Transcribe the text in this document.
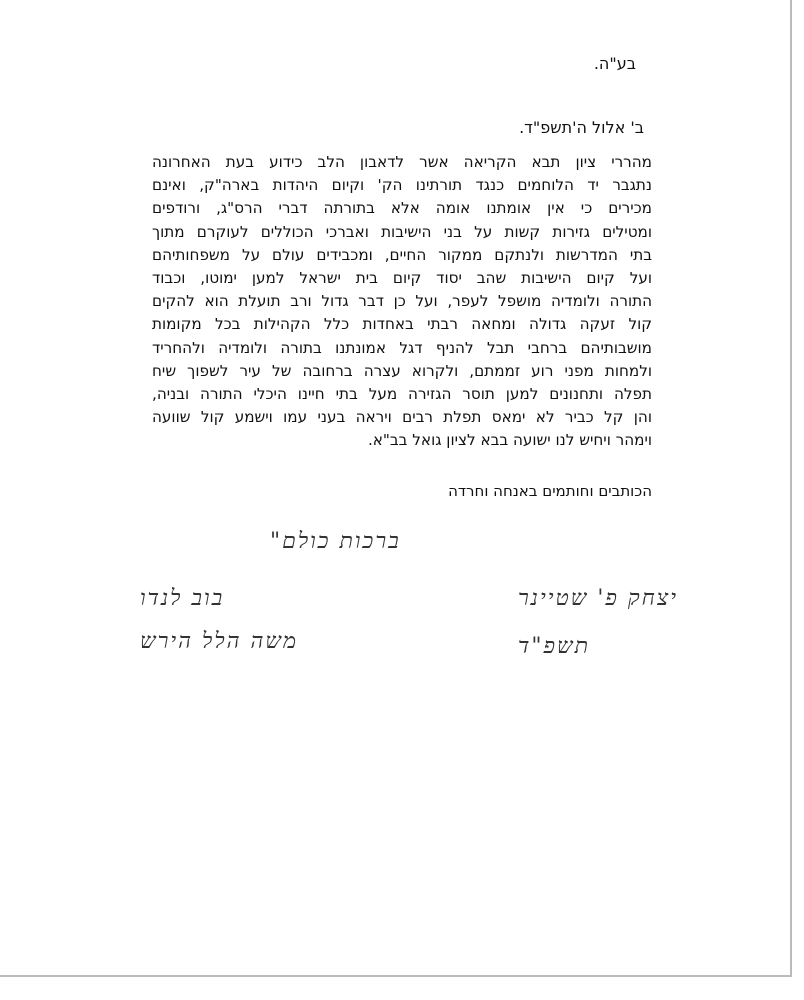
בע"ה.
ב' אלול ה'תשפ"ד.
מהררי ציון תבא הקריאה אשר לדאבון הלב כידוע בעת האחרונה
נתגבר יד הלוחמים כנגד תורתינו הק' וקיום היהדות בארה"ק, ואינם
מכירים כי אין אומתנו אומה אלא בתורתה דברי הרס"ג, ורודפים
ומטילים גזירות קשות על בני הישיבות ואברכי הכוללים לעוקרם מתוך
בתי המדרשות ולנתקם ממקור החיים, ומכבידים עולם על משפחותיהם
ועל קיום הישיבות שהב יסוד קיום בית ישראל למען ימוטו, וכבוד
התורה ולומדיה מושפל לעפר, ועל כן דבר גדול ורב תועלת הוא להקים
קול זעקה גדולה ומחאה רבתי באחדות כלל הקהילות בכל מקומות
מושבותיהם ברחבי תבל להניף דגל אמונתנו בתורה ולומדיה ולהחריד
ולמחות מפני רוע זממתם, ולקרוא עצרה ברחובה של עיר לשפוך שיח
תפלה ותחנונים למען תוסר הגזירה מעל בתי חיינו היכלי התורה ובניה,
והן קל כביר לא ימאס תפלת רבים ויראה בעני עמו וישמע קול שוועה
וימהר ויחיש לנו ישועה בבא לציון גואל בב"א.
הכותבים וחותמים באנחה וחרדה
ברכות כולם"
בוב לנדו
משה הלל הירש
יצחק פ' שטיינר
תשפ"ד
